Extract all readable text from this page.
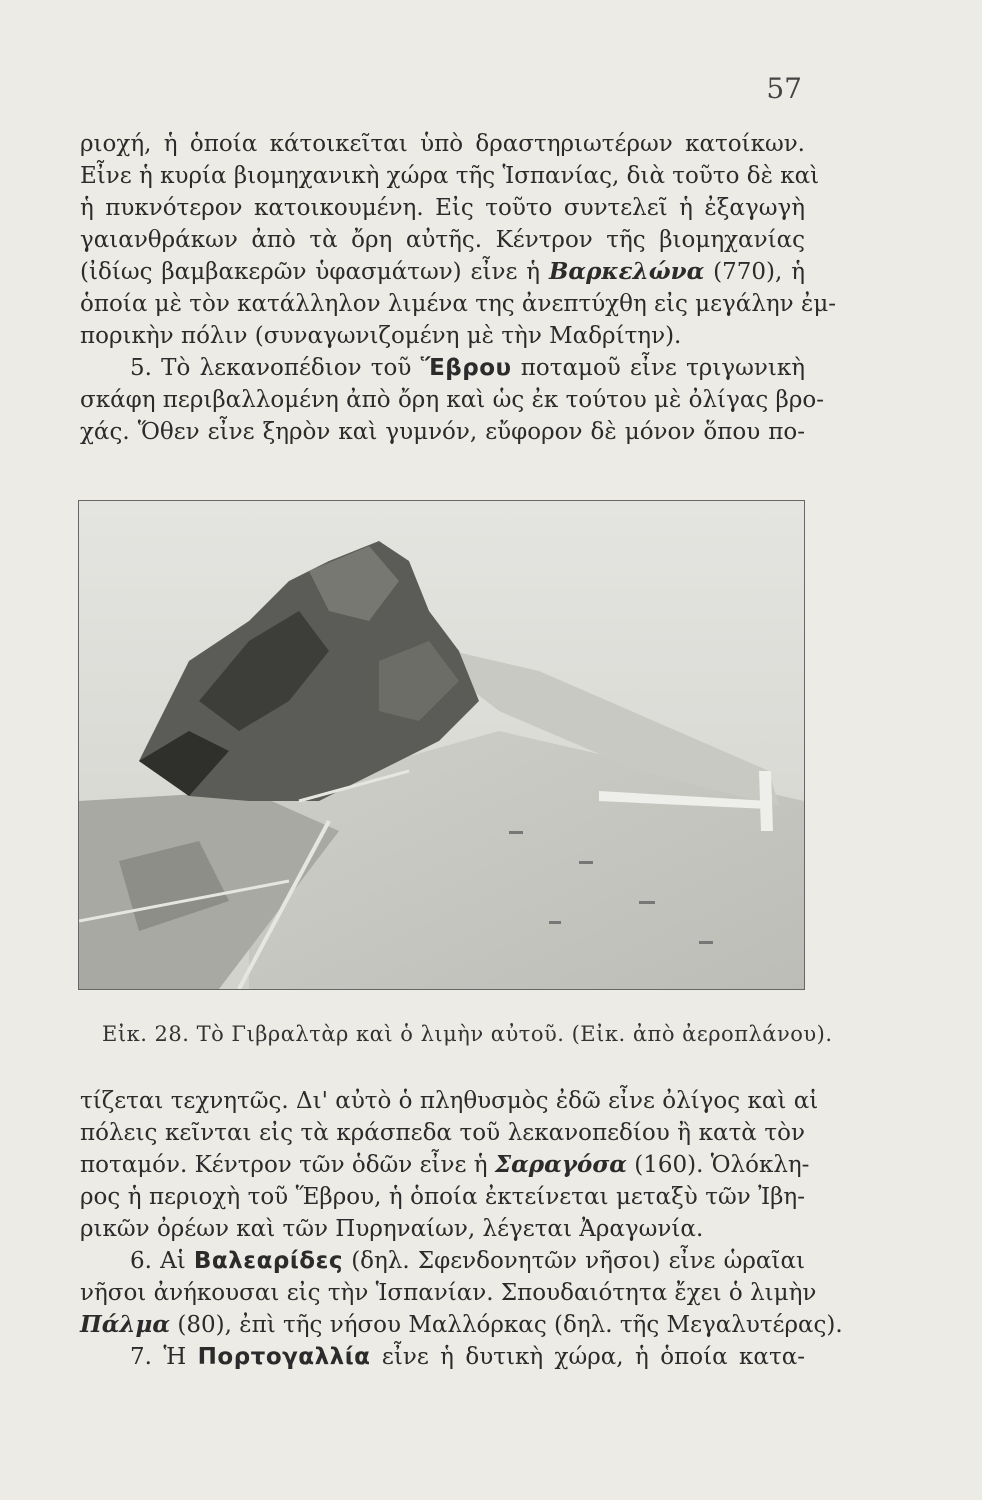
57
ριοχή, ἡ ὁποία κάτοικεῖται ὑπὸ δραστηριωτέρων κατοίκων.
Εἶνε ἡ κυρία βιομηχανικὴ χώρα τῆς Ἱσπανίας, διὰ τοῦτο δὲ καὶ
ἡ πυκνότερον κατοικουμένη. Εἰς τοῦτο συντελεῖ ἡ ἐξαγωγὴ
γαιανθράκων ἀπὸ τὰ ὄρη αὐτῆς. Κέντρον τῆς βιομηχανίας
(ἰδίως βαμβακερῶν ὑφασμάτων) εἶνε ἡ Βαρκελώνα (770), ἡ
ὁποία μὲ τὸν κατάλληλον λιμένα της ἀνεπτύχθη εἰς μεγάλην ἐμ-
πορικὴν πόλιν (συναγωνιζομένη μὲ τὴν Μαδρίτην).
5. Τὸ λεκανοπέδιον τοῦ Ἕβρου ποταμοῦ εἶνε τριγωνικὴ
σκάφη περιβαλλομένη ἀπὸ ὄρη καὶ ὡς ἐκ τούτου μὲ ὀλίγας βρο-
χάς. Ὅθεν εἶνε ξηρὸν καὶ γυμνόν, εὔφορον δὲ μόνον ὅπου πο-
Εἰκ. 28. Τὸ Γιβραλτὰρ καὶ ὁ λιμὴν αὐτοῦ. (Εἰκ. ἀπὸ ἀεροπλάνου).
τίζεται τεχνητῶς. Δι' αὐτὸ ὁ πληθυσμὸς ἐδῶ εἶνε ὀλίγος καὶ αἱ
πόλεις κεῖνται εἰς τὰ κράσπεδα τοῦ λεκανοπεδίου ἢ κατὰ τὸν
ποταμόν. Κέντρον τῶν ὁδῶν εἶνε ἡ Σαραγόσα (160). Ὁλόκλη-
ρος ἡ περιοχὴ τοῦ Ἕβρου, ἡ ὁποία ἐκτείνεται μεταξὺ τῶν Ἰβη-
ρικῶν ὀρέων καὶ τῶν Πυρηναίων, λέγεται Ἀραγωνία.
6. Αἱ Βαλεαρίδες (δηλ. Σφενδονητῶν νῆσοι) εἶνε ὡραῖαι
νῆσοι ἀνήκουσαι εἰς τὴν Ἱσπανίαν. Σπουδαιότητα ἔχει ὁ λιμὴν
Πάλμα (80), ἐπὶ τῆς νήσου Μαλλόρκας (δηλ. τῆς Μεγαλυτέρας).
7. Ἡ Πορτογαλλία εἶνε ἡ δυτικὴ χώρα, ἡ ὁποία κατα-
